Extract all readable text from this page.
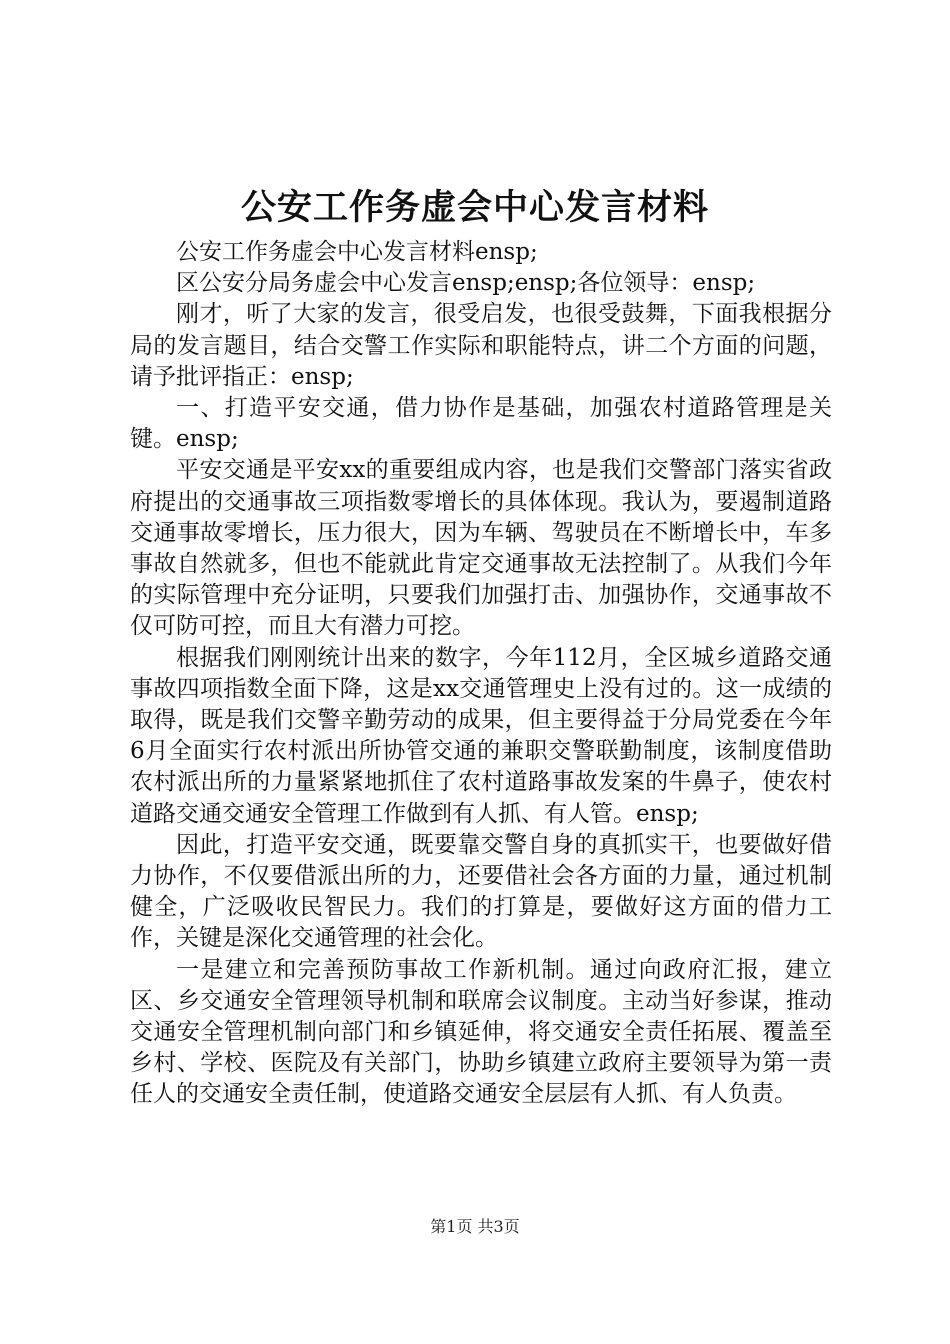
公安工作务虚会中心发言材料

公安工作务虚会中心发言材料ensp;

区公安分局务虚会中心发言ensp;ensp;各位领导：ensp;

刚才，听了大家的发言，很受启发，也很受鼓舞，下面我根据分局的发言题目，结合交警工作实际和职能特点，讲二个方面的问题，请予批评指正：ensp;

一、打造平安交通，借力协作是基础，加强农村道路管理是关键。ensp;

平安交通是平安xx的重要组成内容，也是我们交警部门落实省政府提出的交通事故三项指数零增长的具体体现。我认为，要遏制道路交通事故零增长，压力很大，因为车辆、驾驶员在不断增长中，车多事故自然就多，但也不能就此肯定交通事故无法控制了。从我们今年的实际管理中充分证明，只要我们加强打击、加强协作，交通事故不仅可防可控，而且大有潜力可挖。

根据我们刚刚统计出来的数字，今年112月，全区城乡道路交通事故四项指数全面下降，这是xx交通管理史上没有过的。这一成绩的取得，既是我们交警辛勤劳动的成果，但主要得益于分局党委在今年6月全面实行农村派出所协管交通的兼职交警联勤制度，该制度借助农村派出所的力量紧紧地抓住了农村道路事故发案的牛鼻子，使农村道路交通交通安全管理工作做到有人抓、有人管。ensp;

因此，打造平安交通，既要靠交警自身的真抓实干，也要做好借力协作，不仅要借派出所的力，还要借社会各方面的力量，通过机制健全，广泛吸收民智民力。我们的打算是，要做好这方面的借力工作，关键是深化交通管理的社会化。

一是建立和完善预防事故工作新机制。通过向政府汇报，建立区、乡交通安全管理领导机制和联席会议制度。主动当好参谋，推动交通安全管理机制向部门和乡镇延伸，将交通安全责任拓展、覆盖至乡村、学校、医院及有关部门，协助乡镇建立政府主要领导为第一责任人的交通安全责任制，使道路交通安全层层有人抓、有人负责。

第1页 共3页
